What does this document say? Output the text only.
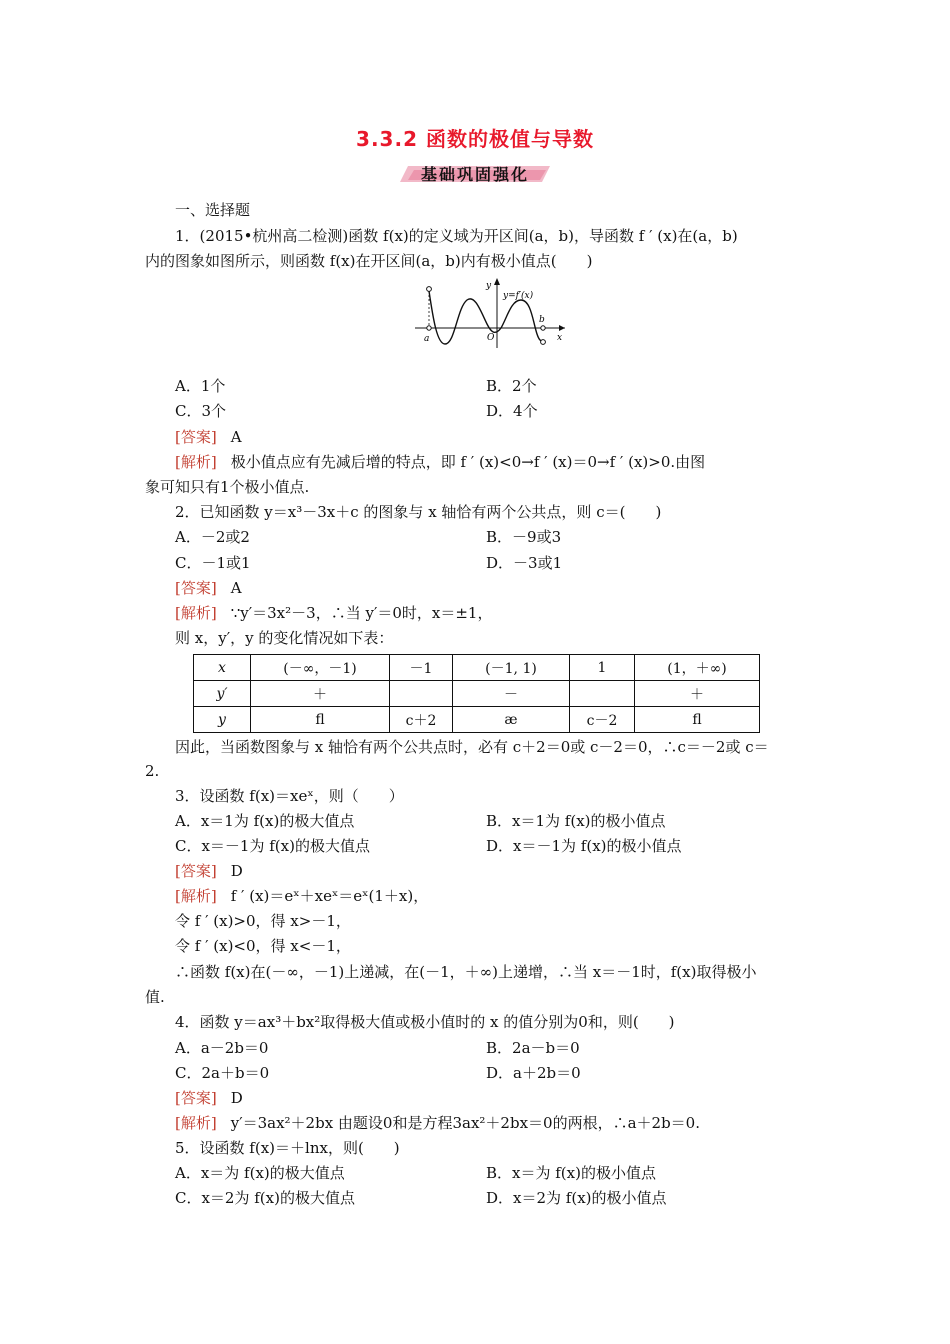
3.3.2 函数的极值与导数
基础巩固强化
一、选择题
1．(2015•杭州高二检测)函数 f(x)的定义域为开区间(a，b)，导函数 f ′ (x)在(a，b)
内的图象如图所示，则函数 f(x)在开区间(a，b)内有极小值点(　　)
y
y=f′(x)
a	O
b
x
A．1个	B．2个
C．3个	D．4个
[答案] A
[解析] 极小值点应有先减后增的特点，即 f ′ (x)<0→f ′ (x)＝0→f ′ (x)>0.由图
象可知只有1个极小值点.
2．已知函数 y＝x³－3x＋c 的图象与 x 轴恰有两个公共点，则 c＝(　　)
A．－2或2	B．－9或3
C．－1或1	D．－3或1
[答案] A
[解析] ∵y′＝3x²－3，∴当 y′＝0时，x＝±1，
则 x，y′，y 的变化情况如下表：
x	(－∞，－1)	－1	(－1, 1)	1	(1，＋∞)
y′	＋		－		＋
y	ﬂ	c＋2	æ	c－2	ﬂ
因此，当函数图象与 x 轴恰有两个公共点时，必有 c＋2＝0或 c－2＝0，∴c＝－2或 c＝
2.
3．设函数 f(x)＝xeˣ，则（　　）
A．x＝1为 f(x)的极大值点	B．x＝1为 f(x)的极小值点
C．x＝－1为 f(x)的极大值点	D．x＝－1为 f(x)的极小值点
[答案] D
[解析] f ′ (x)＝eˣ＋xeˣ＝eˣ(1＋x)，
令 f ′ (x)>0，得 x>－1，
令 f ′ (x)<0，得 x<－1，
∴函数 f(x)在(－∞，－1)上递减，在(－1，＋∞)上递增，∴当 x＝－1时，f(x)取得极小
值.
4．函数 y＝ax³＋bx²取得极大值或极小值时的 x 的值分别为0和，则(　　)
A．a－2b＝0	B．2a－b＝0
C．2a＋b＝0	D．a＋2b＝0
[答案] D
[解析] y′＝3ax²＋2bx 由题设0和是方程3ax²＋2bx＝0的两根，∴a＋2b＝0.
5．设函数 f(x)＝＋lnx，则(　　)
A．x＝为 f(x)的极大值点	B．x＝为 f(x)的极小值点
C．x＝2为 f(x)的极大值点	D．x＝2为 f(x)的极小值点
